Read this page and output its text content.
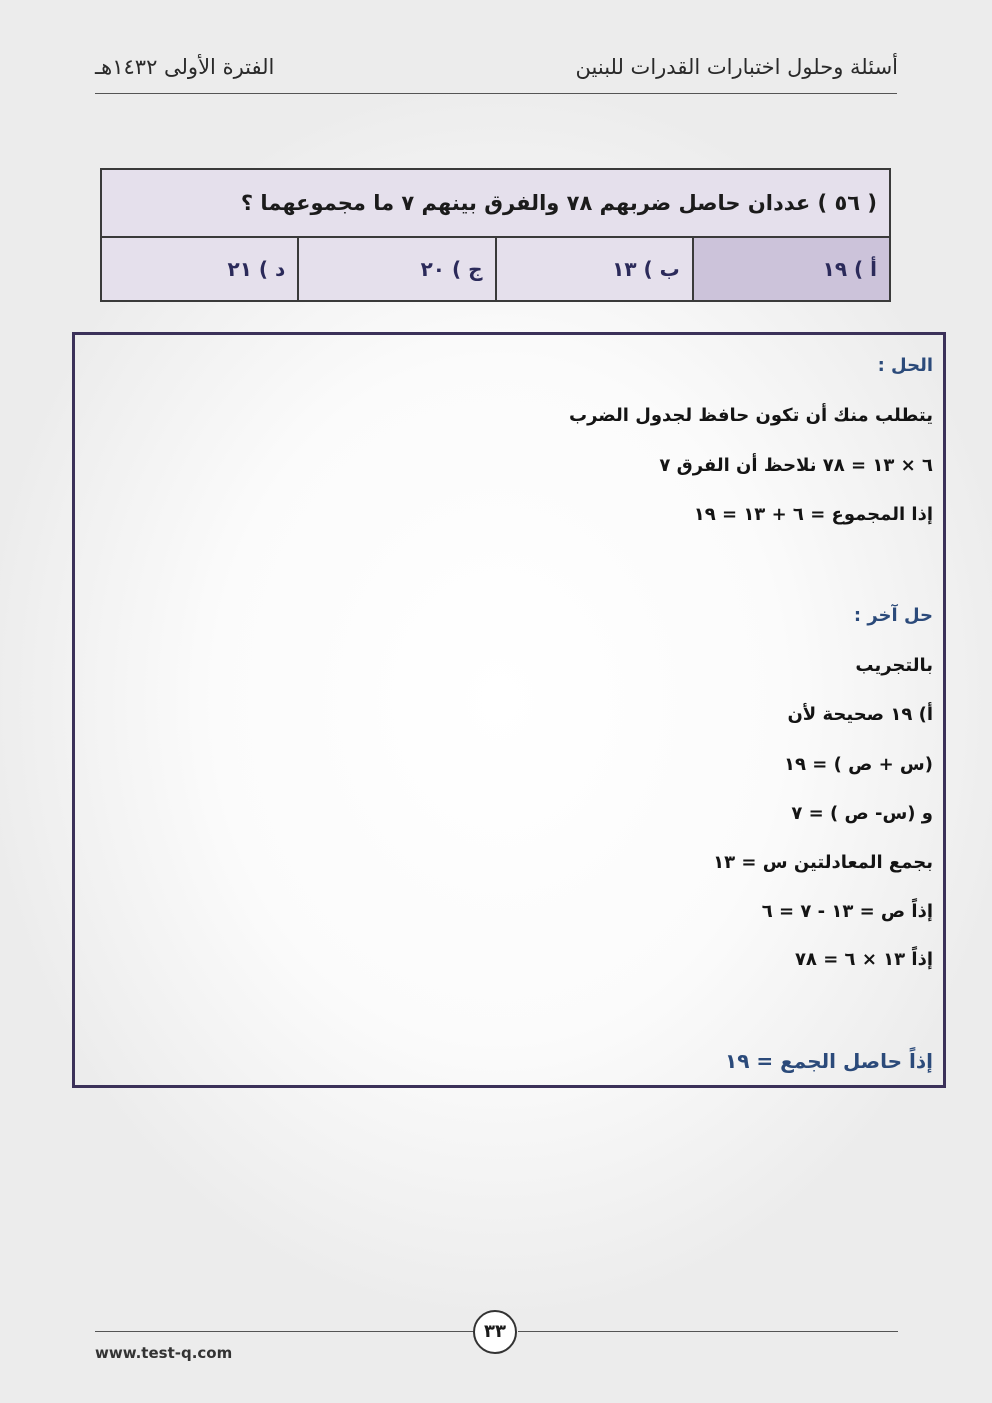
أسئلة وحلول اختبارات القدرات للبنين
الفترة الأولى ١٤٣٢هـ
( ٥٦ ) عددان حاصل ضربهم ٧٨ والفرق بينهم ٧ ما مجموعهما ؟
أ ) ١٩
ب ) ١٣
ج ) ٢٠
د ) ٢١
الحل :
يتطلب منك أن تكون حافظ لجدول الضرب
٦ × ١٣ = ٧٨ نلاحظ أن الفرق ٧
إذا المجموع = ٦ + ١٣ = ١٩
حل آخر :
بالتجريب
أ) ١٩ صحيحة لأن
(س + ص ) = ١٩
و (س- ص ) = ٧
بجمع المعادلتين س = ١٣
إذاً ص = ١٣ - ٧ = ٦
إذاً ١٣ × ٦ = ٧٨
إذاً حاصل الجمع = ١٩
٣٣
www.test-q.com
